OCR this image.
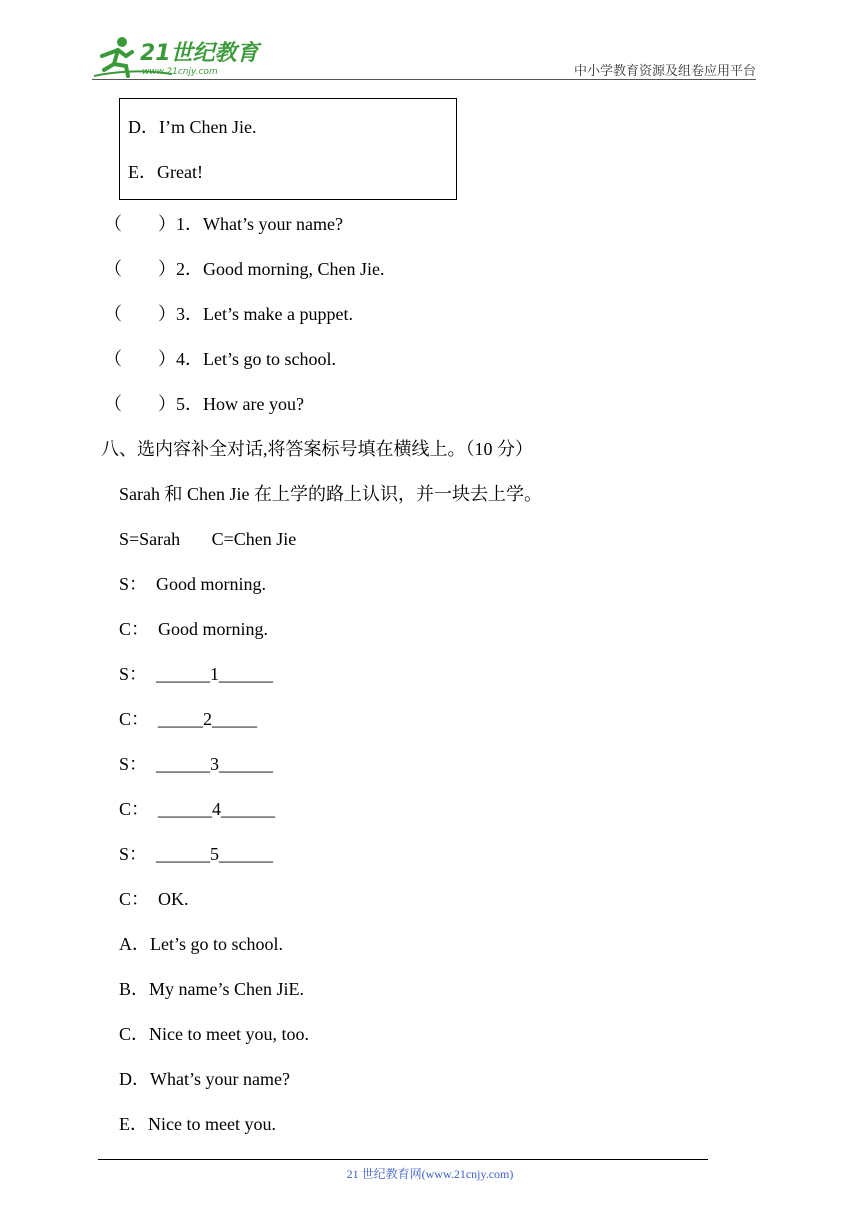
21世纪教育
www.21cnjy.com	中小学教育资源及组卷应用平台
D．I’m Chen Jie.
E．Great!
（　　）1．What’s your name?
（　　）2．Good morning, Chen Jie.
（　　）3．Let’s make a puppet.
（　　）4．Let’s go to school.
（　　）5．How are you?
八、选内容补全对话,将答案标号填在横线上。（10 分）
Sarah 和 Chen Jie 在上学的路上认识，并一块去上学。
S=Sarah       C=Chen Jie
S：  Good morning.
C：  Good morning.
S：  ______1______
C：  _____2_____
S：  ______3______
C：  ______4______
S：  ______5______
C：  OK.
A．Let’s go to school.
B．My name’s Chen JiE.
C．Nice to meet you, too.
D．What’s your name?
E．Nice to meet you.
21 世纪教育网(www.21cnjy.com)
